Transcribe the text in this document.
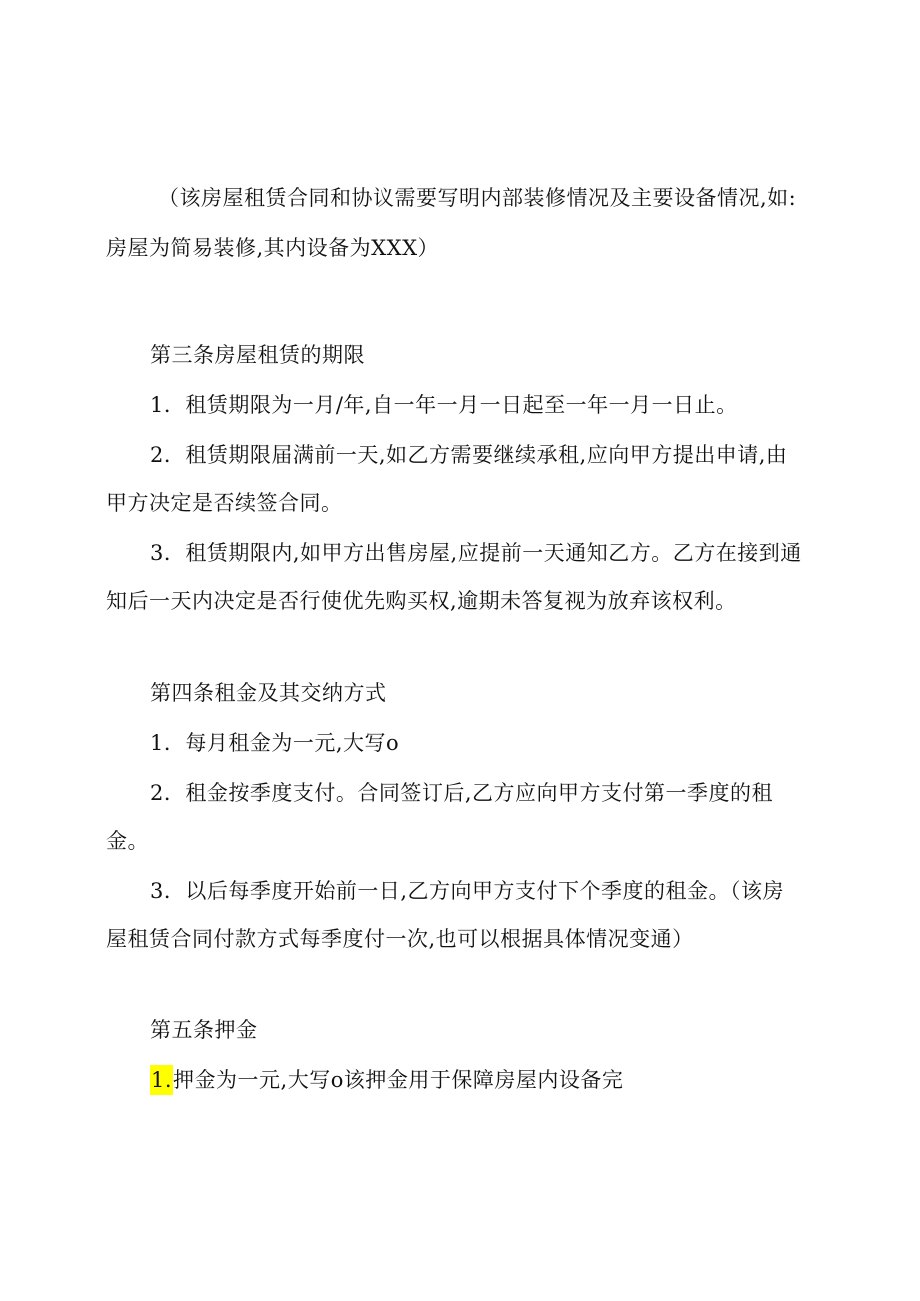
（该房屋租赁合同和协议需要写明内部装修情况及主要设备情况,如:
房屋为简易装修,其内设备为XXX）
第三条房屋租赁的期限
1．租赁期限为一月/年,自一年一月一日起至一年一月一日止。
2．租赁期限届满前一天,如乙方需要继续承租,应向甲方提出申请,由
甲方决定是否续签合同。
3．租赁期限内,如甲方出售房屋,应提前一天通知乙方。乙方在接到通
知后一天内决定是否行使优先购买权,逾期未答复视为放弃该权利。
第四条租金及其交纳方式
1．每月租金为一元,大写o
2．租金按季度支付。合同签订后,乙方应向甲方支付第一季度的租
金。
3．以后每季度开始前一日,乙方向甲方支付下个季度的租金。（该房
屋租赁合同付款方式每季度付一次,也可以根据具体情况变通）
第五条押金
1.押金为一元,大写o该押金用于保障房屋内设备完
